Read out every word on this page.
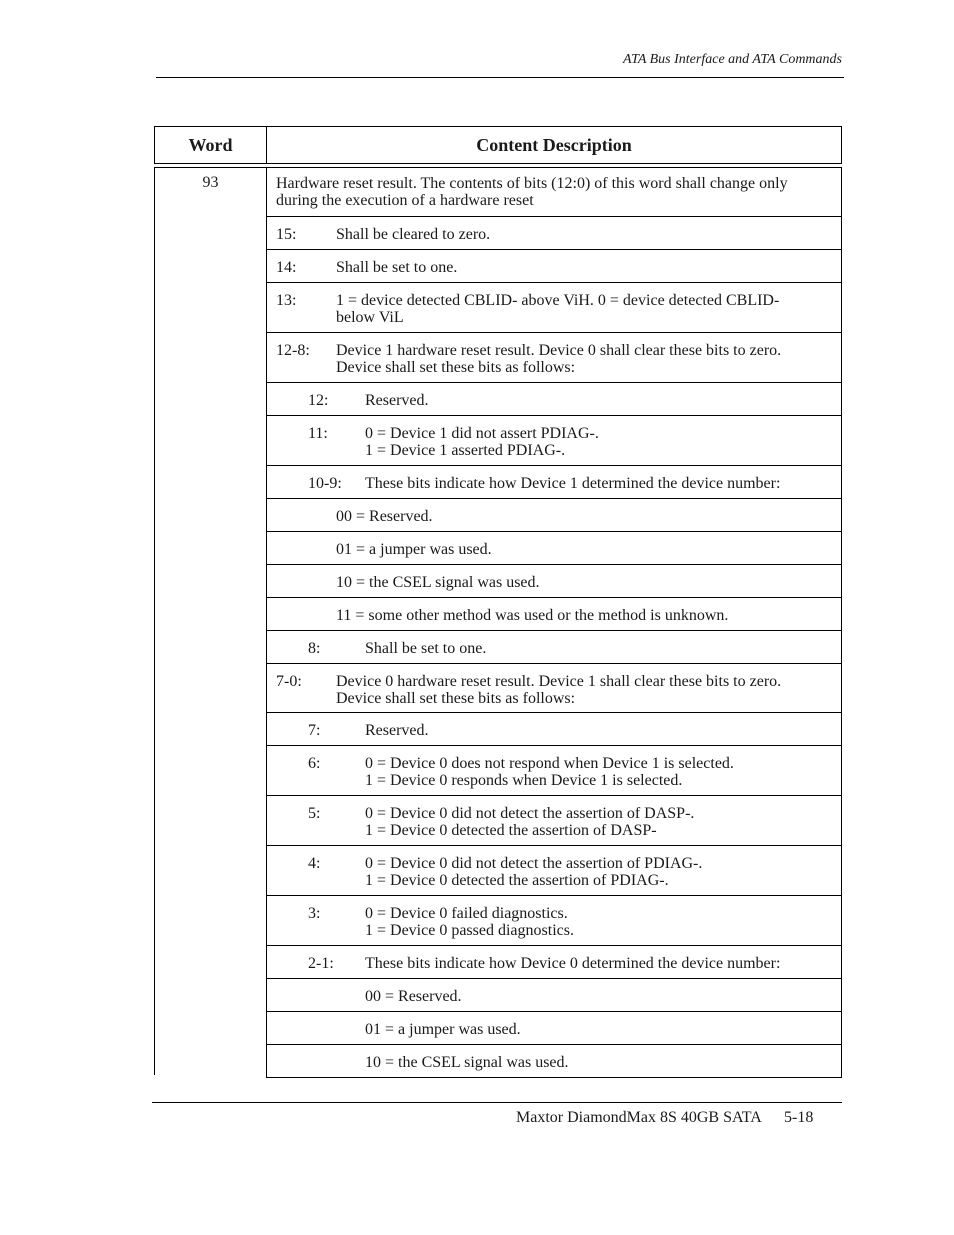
ATA Bus Interface and ATA Commands
Word	Content Description
93	Hardware reset result. The contents of bits (12:0) of this word shall change only
during the execution of a hardware reset
15: Shall be cleared to zero.
14: Shall be set to one.
13: 1 = device detected CBLID- above ViH. 0 = device detected CBLID-
below ViL
12-8: Device 1 hardware reset result. Device 0 shall clear these bits to zero.
Device shall set these bits as follows:
12: Reserved.
11: 0 = Device 1 did not assert PDIAG-.
1 = Device 1 asserted PDIAG-.
10-9: These bits indicate how Device 1 determined the device number:
00 = Reserved.
01 = a jumper was used.
10 = the CSEL signal was used.
11 = some other method was used or the method is unknown.
8:	Shall be set to one.
7-0: Device 0 hardware reset result. Device 1 shall clear these bits to zero.
Device shall set these bits as follows:
7:	Reserved.
6:	0 = Device 0 does not respond when Device 1 is selected.
1 = Device 0 responds when Device 1 is selected.
5:	0 = Device 0 did not detect the assertion of DASP-.
1 = Device 0 detected the assertion of DASP-
4:	0 = Device 0 did not detect the assertion of PDIAG-.
1 = Device 0 detected the assertion of PDIAG-.
3:	0 = Device 0 failed diagnostics.
1 = Device 0 passed diagnostics.
2-1: These bits indicate how Device 0 determined the device number:
00 = Reserved.
01 = a jumper was used.
10 = the CSEL signal was used.
Maxtor DiamondMax 8S 40GB SATA 5-18
